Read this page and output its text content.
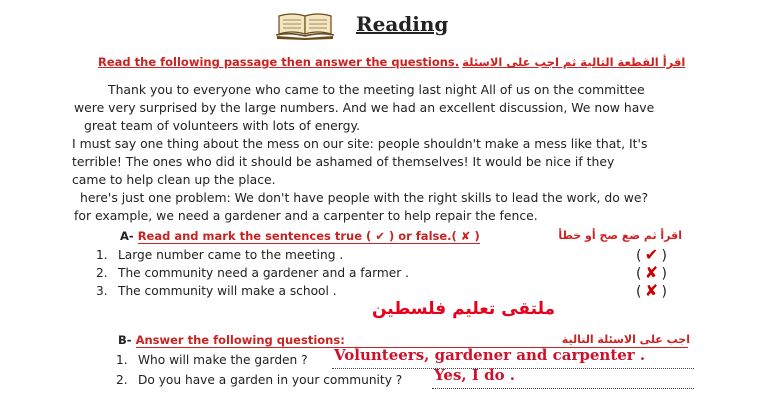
Reading
Read the following passage then answer the questions. اقرأ القطعة التالية ثم اجب على الاسئلة
Thank you to everyone who came to the meeting last night All of us on the committee
were very surprised by the large numbers. And we had an excellent discussion, We now have
great team of volunteers with lots of energy.
I must say one thing about the mess on our site: people shouldn't make a mess like that, It's
terrible! The ones who did it should be ashamed of themselves! It would be nice if they
came to help clean up the place.
here's just one problem: We don't have people with the right skills to lead the work, do we?
for example, we need a gardener and a carpenter to help repair the fence.
A- Read and mark the sentences true ( ✔ ) or false.( ✘ )	اقرأ ثم ضع صح أو خطأ
1. Large number came to the meeting .	( ✔ )
2. The community need a gardener and a farmer .	( ✘ )
3. The community will make a school .	( ✘ )
ملتقى تعليم فلسطين
B- Answer the following questions:	اجب على الاسئلة التالية
1. Who will make the garden ? Volunteers, gardener and carpenter .
2. Do you have a garden in your community ? Yes, I do .
